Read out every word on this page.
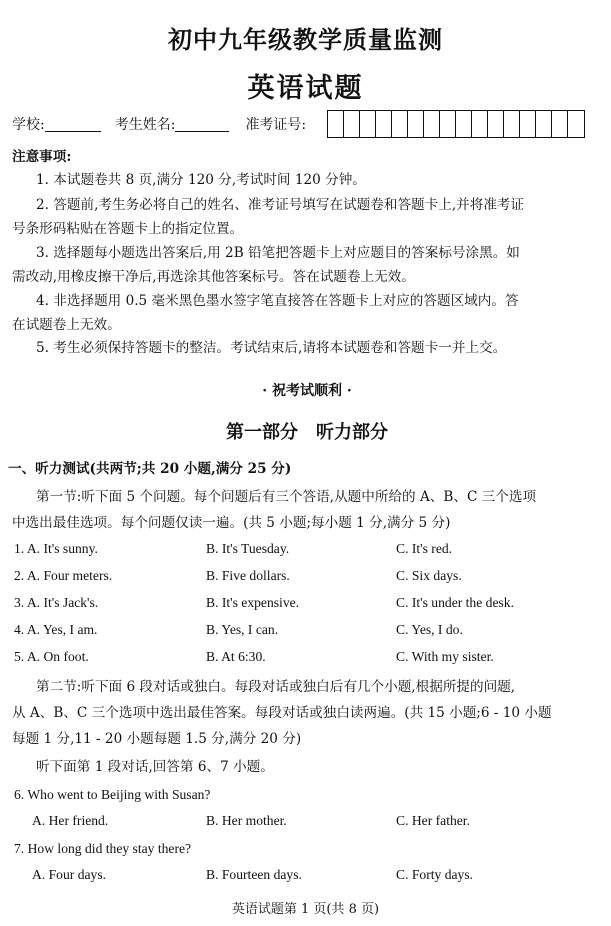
初中九年级教学质量监测
英语试题
学校:	考生姓名:	准考证号:
注意事项:
1. 本试题卷共 8 页,满分 120 分,考试时间 120 分钟。
2. 答题前,考生务必将自己的姓名、准考证号填写在试题卷和答题卡上,并将准考证
号条形码粘贴在答题卡上的指定位置。
3. 选择题每小题选出答案后,用 2B 铅笔把答题卡上对应题目的答案标号涂黑。如
需改动,用橡皮擦干净后,再选涂其他答案标号。答在试题卷上无效。
4. 非选择题用 0.5 毫米黑色墨水签字笔直接答在答题卡上对应的答题区域内。答
在试题卷上无效。
5. 考生必须保持答题卡的整洁。考试结束后,请将本试题卷和答题卡一并上交。
· 祝考试顺利 ·
第一部分　听力部分
一、听力测试(共两节;共 20 小题,满分 25 分)
第一节:听下面 5 个问题。每个问题后有三个答语,从题中所给的 A、B、C 三个选项
中选出最佳选项。每个问题仅读一遍。(共 5 小题;每小题 1 分,满分 5 分)
1. A. It's sunny.	B. It's Tuesday.	C. It's red.
2. A. Four meters.	B. Five dollars.	C. Six days.
3. A. It's Jack's.	B. It's expensive.	C. It's under the desk.
4. A. Yes, I am.	B. Yes, I can.	C. Yes, I do.
5. A. On foot.	B. At 6:30.	C. With my sister.
第二节:听下面 6 段对话或独白。每段对话或独白后有几个小题,根据所提的问题,
从 A、B、C 三个选项中选出最佳答案。每段对话或独白读两遍。(共 15 小题;6 - 10 小题
每题 1 分,11 - 20 小题每题 1.5 分,满分 20 分)
听下面第 1 段对话,回答第 6、7 小题。
6. Who went to Beijing with Susan?
A. Her friend.	B. Her mother.	C. Her father.
7. How long did they stay there?
A. Four days.	B. Fourteen days.	C. Forty days.
英语试题第 1 页(共 8 页)
